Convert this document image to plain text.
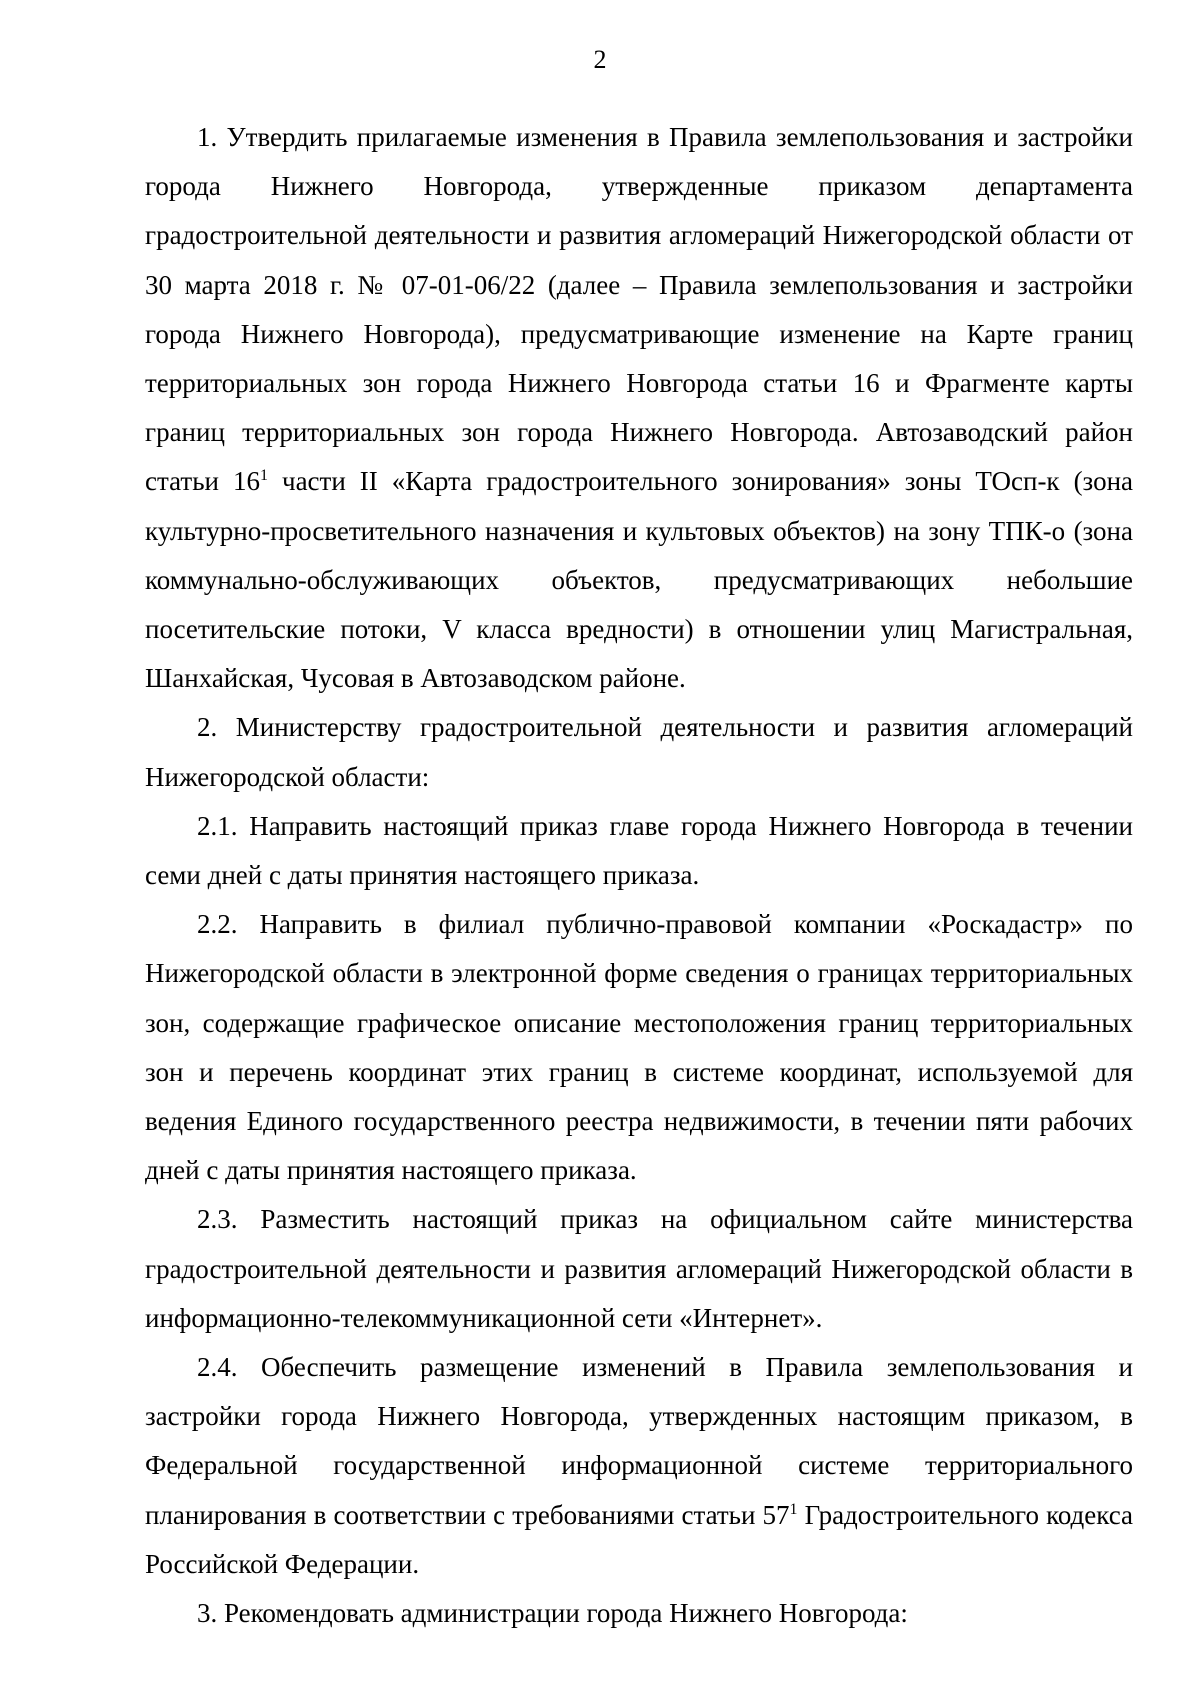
2

1. Утвердить прилагаемые изменения в Правила землепользования и застройки города Нижнего Новгорода, утвержденные приказом департамента градостроительной деятельности и развития агломераций Нижегородской области от 30 марта 2018 г. № 07-01-06/22 (далее – Правила землепользования и застройки города Нижнего Новгорода), предусматривающие изменение на Карте границ территориальных зон города Нижнего Новгорода статьи 16 и Фрагменте карты границ территориальных зон города Нижнего Новгорода. Автозаводский район статьи $16^1$ части II «Карта градостроительного зонирования» зоны ТОсп-к (зона культурно-просветительного назначения и культовых объектов) на зону ТПК-о (зона коммунально-обслуживающих объектов, предусматривающих небольшие посетительские потоки, V класса вредности) в отношении улиц Магистральная, Шанхайская, Чусовая в Автозаводском районе.

2. Министерству градостроительной деятельности и развития агломераций Нижегородской области:

2.1. Направить настоящий приказ главе города Нижнего Новгорода в течении семи дней с даты принятия настоящего приказа.

2.2. Направить в филиал публично-правовой компании «Роскадастр» по Нижегородской области в электронной форме сведения о границах территориальных зон, содержащие графическое описание местоположения границ территориальных зон и перечень координат этих границ в системе координат, используемой для ведения Единого государственного реестра недвижимости, в течении пяти рабочих дней с даты принятия настоящего приказа.

2.3. Разместить настоящий приказ на официальном сайте министерства градостроительной деятельности и развития агломераций Нижегородской области в информационно-телекоммуникационной сети «Интернет».

2.4. Обеспечить размещение изменений в Правила землепользования и застройки города Нижнего Новгорода, утвержденных настоящим приказом, в Федеральной государственной информационной системе территориального планирования в соответствии с требованиями статьи $57^1$ Градостроительного кодекса Российской Федерации.

3. Рекомендовать администрации города Нижнего Новгорода:
